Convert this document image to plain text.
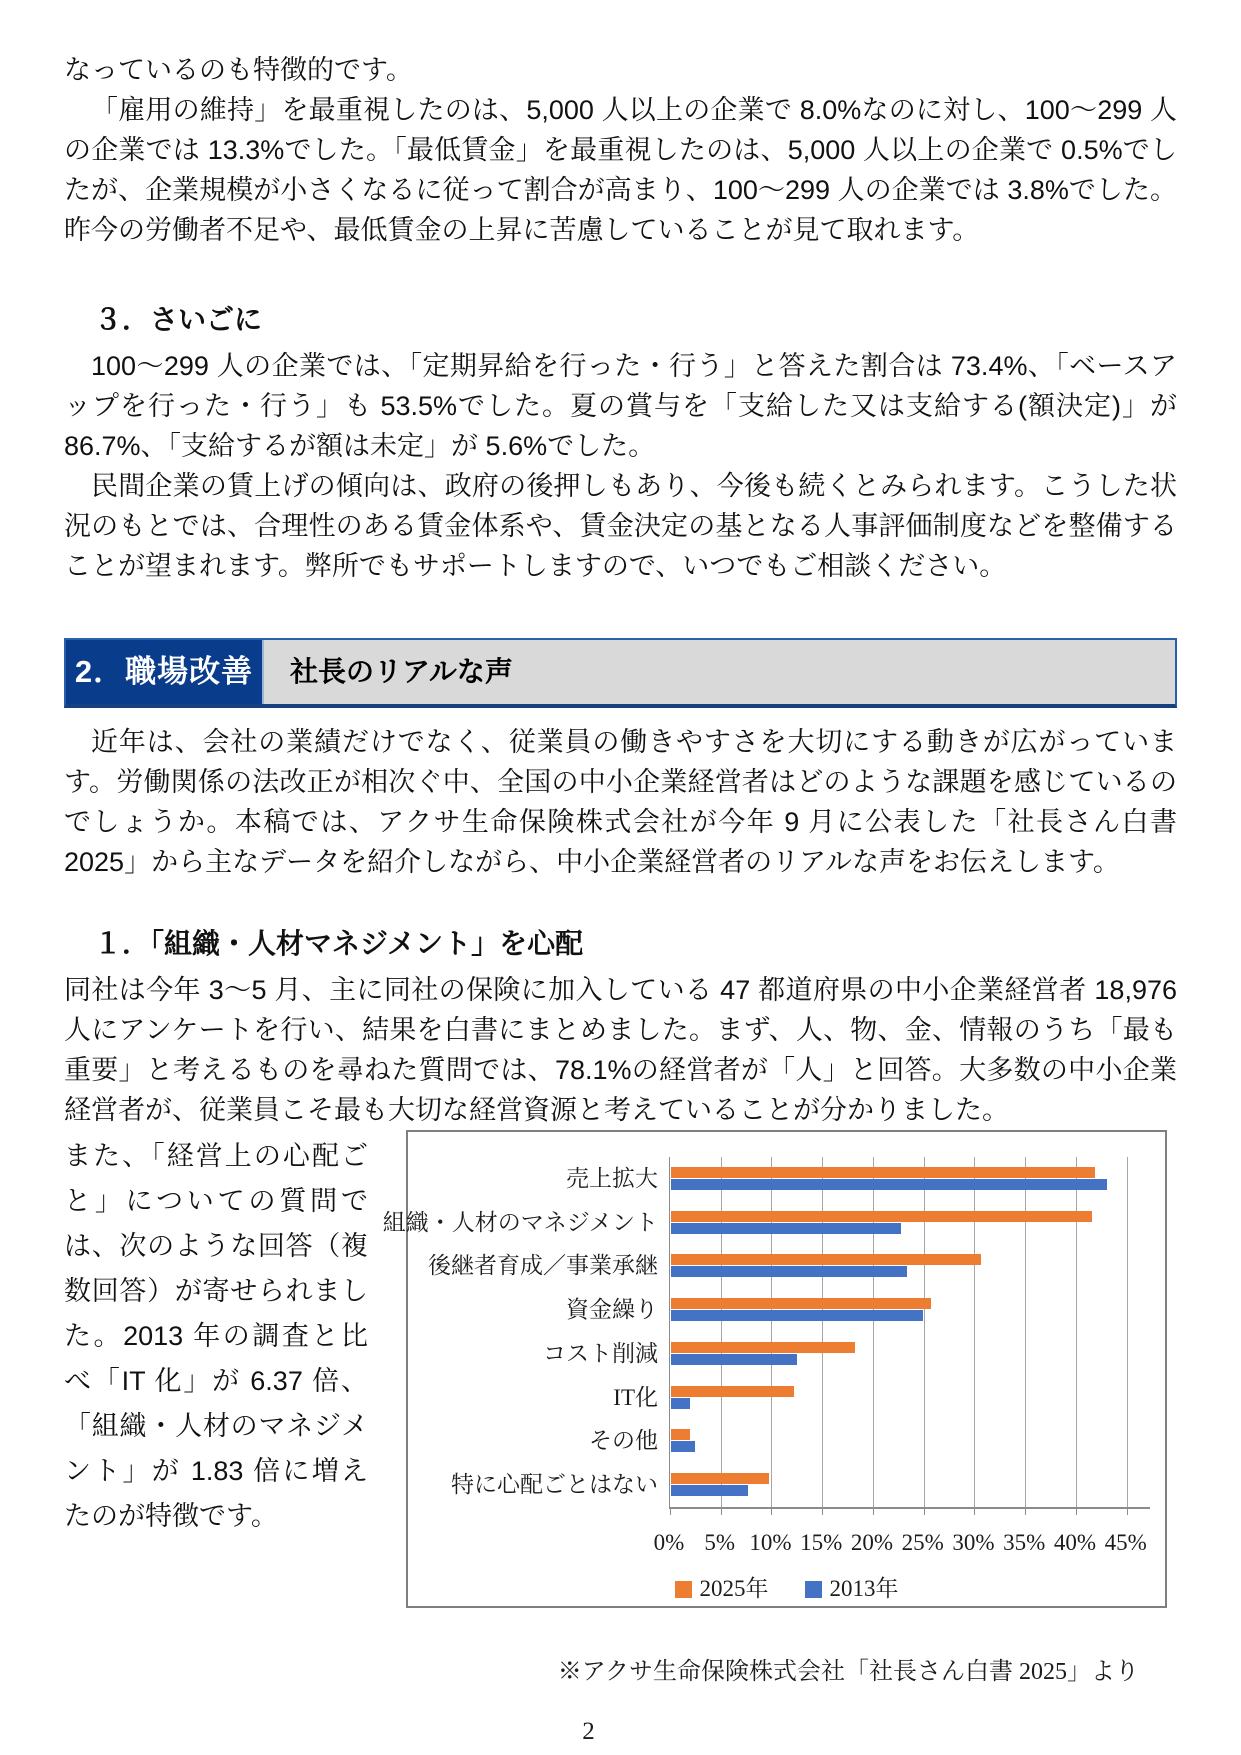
なっているのも特徴的です。

「雇用の維持」を最重視したのは、5,000 人以上の企業で 8.0%なのに対し、100～299 人の企業では 13.3%でした。「最低賃金」を最重視したのは、5,000 人以上の企業で 0.5%でしたが、企業規模が小さくなるに従って割合が高まり、100～299 人の企業では 3.8%でした。昨今の労働者不足や、最低賃金の上昇に苦慮していることが見て取れます。

３．さいごに

100～299 人の企業では、「定期昇給を行った・行う」と答えた割合は 73.4%、「ベースアップを行った・行う」も 53.5%でした。夏の賞与を「支給した又は支給する(額決定)」が 86.7%、「支給するが額は未定」が 5.6%でした。

民間企業の賃上げの傾向は、政府の後押しもあり、今後も続くとみられます。こうした状況のもとでは、合理性のある賃金体系や、賃金決定の基となる人事評価制度などを整備することが望まれます。弊所でもサポートしますので、いつでもご相談ください。

2．職場改善	社長のリアルな声

近年は、会社の業績だけでなく、従業員の働きやすさを大切にする動きが広がっています。労働関係の法改正が相次ぐ中、全国の中小企業経営者はどのような課題を感じているのでしょうか。本稿では、アクサ生命保険株式会社が今年 9 月に公表した「社長さん白書 2025」から主なデータを紹介しながら、中小企業経営者のリアルな声をお伝えします。

１．「組織・人材マネジメント」を心配

同社は今年 3～5 月、主に同社の保険に加入している 47 都道府県の中小企業経営者 18,976 人にアンケートを行い、結果を白書にまとめました。まず、人、物、金、情報のうち「最も重要」と考えるものを尋ねた質問では、78.1%の経営者が「人」と回答。大多数の中小企業経営者が、従業員こそ最も大切な経営資源と考えていることが分かりました。

また、「経営上の心配ごと」についての質問では、次のような回答（複数回答）が寄せられました。2013 年の調査と比べ「IT 化」が 6.37 倍、「組織・人材のマネジメント」が 1.83 倍に増えたのが特徴です。

2025年	2013年
0% 5% 10% 15% 20% 25% 30% 35% 40% 45%
売上拡大
組織・人材のマネジメント
後継者育成／事業承継
資金繰り
コスト削減
IT化
その他
特に心配ごとはない
※アクサ生命保険株式会社「社長さん白書 2025」より
2
